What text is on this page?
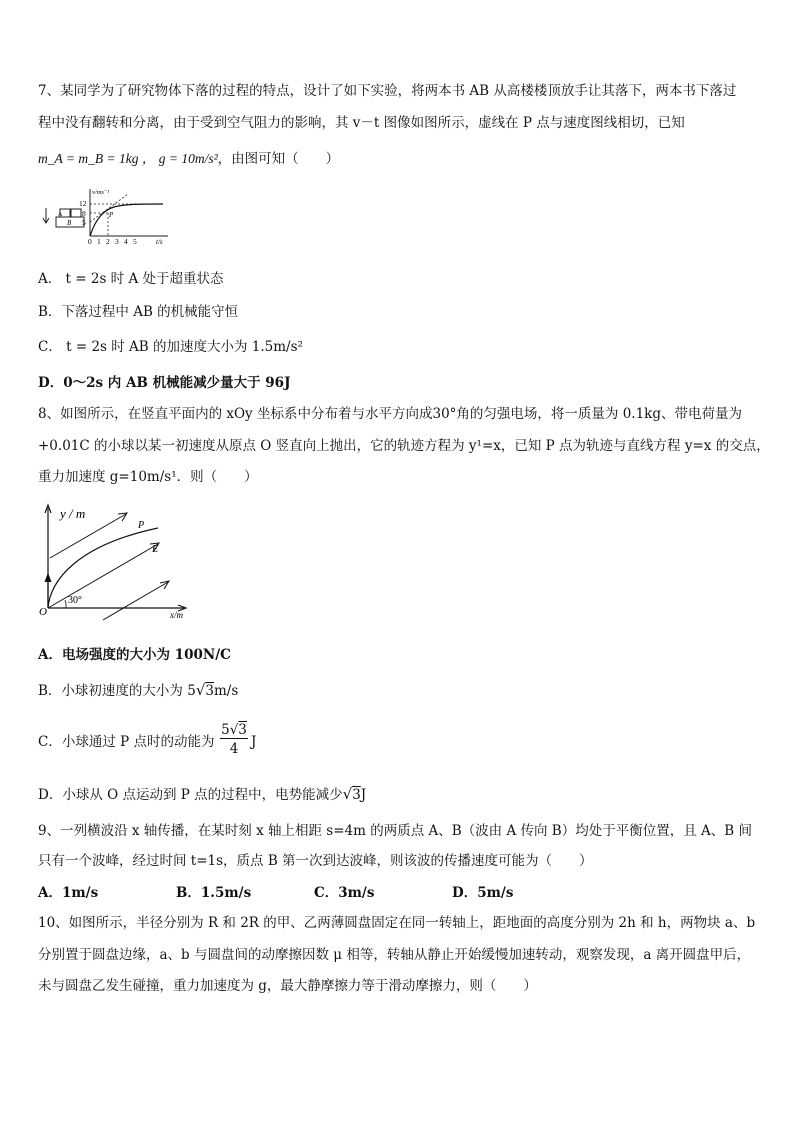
7、某同学为了研究物体下落的过程的特点，设计了如下实验，将两本书 AB 从高楼楼顶放手让其落下，两本书下落过
程中没有翻转和分离，由于受到空气阻力的影响，其 v－t 图像如图所示，虚线在 P 点与速度图线相切，已知
m_A = m_B = 1kg ， g = 10m/s²，由图可知（　　）
A
B
v/ms⁻¹
t/s
12
8
5
P
0 1 2 3 4 5
A． t = 2s 时 A 处于超重状态
B．下落过程中 AB 的机械能守恒
C． t = 2s 时 AB 的加速度大小为 1.5m/s²
D．0～2s 内 AB 机械能减少量大于 96J
8、如图所示，在竖直平面内的 xOy 坐标系中分布着与水平方向成30°角的匀强电场，将一质量为 0.1kg、带电荷量为
+0.01C 的小球以某一初速度从原点 O 竖直向上抛出，它的轨迹方程为 y¹=x，已知 P 点为轨迹与直线方程 y=x 的交点，
重力加速度 g=10m/s¹．则（　　）
y / m
x/m
O
30°
E
P
A．电场强度的大小为 100N/C
B．小球初速度的大小为 5√3m/s
C．小球通过 P 点时的动能为
5√3
4 J
D．小球从 O 点运动到 P 点的过程中，电势能减少√3J
9、一列横波沿 x 轴传播，在某时刻 x 轴上相距 s=4m 的两质点 A、B（波由 A 传向 B）均处于平衡位置，且 A、B 间
只有一个波峰，经过时间 t=1s，质点 B 第一次到达波峰，则该波的传播速度可能为（　　）
A．1m/s	B．1.5m/s	C．3m/s	D．5m/s
10、如图所示，半径分别为 R 和 2R 的甲、乙两薄圆盘固定在同一转轴上，距地面的高度分别为 2h 和 h，两物块 a、b
分别置于圆盘边缘，a、b 与圆盘间的动摩擦因数 μ 相等，转轴从静止开始缓慢加速转动，观察发现，a 离开圆盘甲后，
未与圆盘乙发生碰撞，重力加速度为 g，最大静摩擦力等于滑动摩擦力，则（　　）
